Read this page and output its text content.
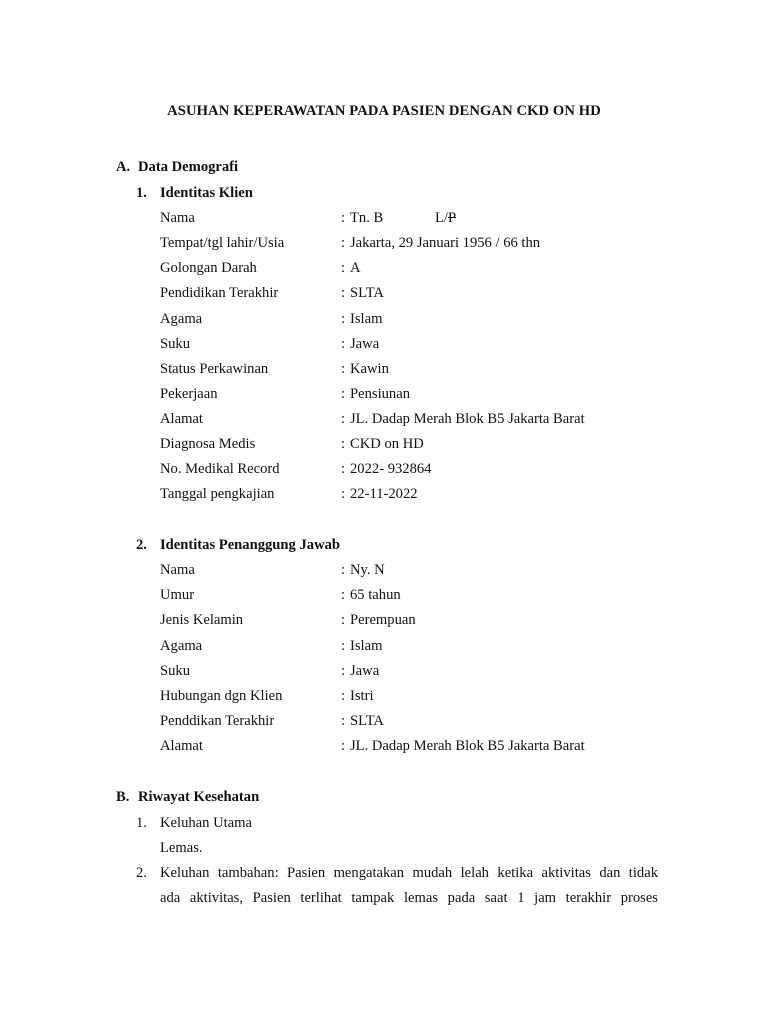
ASUHAN KEPERAWATAN PADA PASIEN DENGAN CKD ON HD
A. Data Demografi
1. Identitas Klien
Nama	: Tn. B	L/P
Tempat/tgl lahir/Usia	: Jakarta, 29 Januari 1956 / 66 thn
Golongan Darah	: A
Pendidikan Terakhir	: SLTA
Agama	: Islam
Suku	: Jawa
Status Perkawinan	: Kawin
Pekerjaan	: Pensiunan
Alamat	: JL. Dadap Merah Blok B5 Jakarta Barat
Diagnosa Medis	: CKD on HD
No. Medikal Record	: 2022- 932864
Tanggal pengkajian	: 22-11-2022
2. Identitas Penanggung Jawab
Nama	: Ny. N
Umur	: 65 tahun
Jenis Kelamin	: Perempuan
Agama	: Islam
Suku	: Jawa
Hubungan dgn Klien	: Istri
Penddikan Terakhir	: SLTA
Alamat	: JL. Dadap Merah Blok B5 Jakarta Barat
B. Riwayat Kesehatan
1. Keluhan Utama
Lemas.
2. Keluhan tambahan: Pasien mengatakan mudah lelah ketika aktivitas dan tidak
ada aktivitas, Pasien terlihat tampak lemas pada saat 1 jam terakhir proses
